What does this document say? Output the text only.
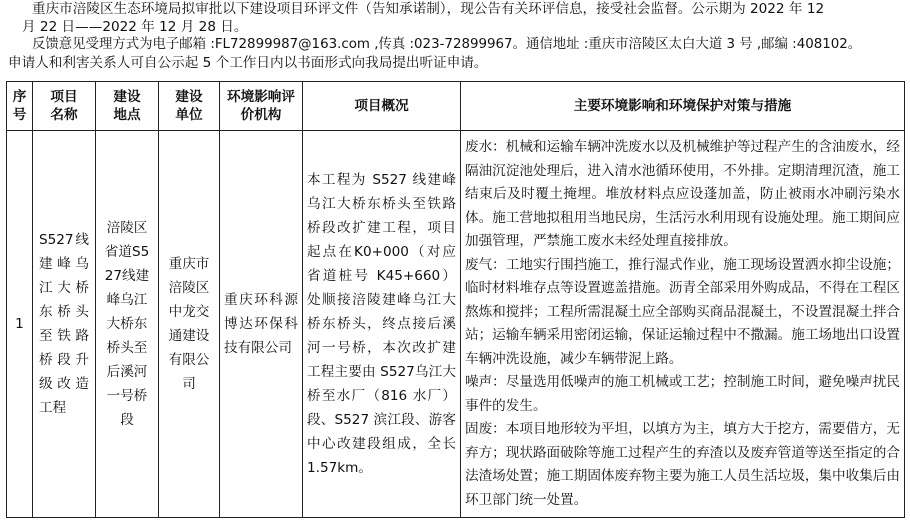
重庆市涪陵区生态环境局拟审批以下建设项目环评文件（告知承诺制），现公告有关环评信息，接受社会监督。公示期为 2022 年 12

月 22 日——2022 年 12 月 28 日。

反馈意见受理方式为电子邮箱 :FL72899987@163.com ,传真 :023-72899967。通信地址 :重庆市涪陵区太白大道 3 号 ,邮编 :408102。

申请人和利害关系人可自公示起 5 个工作日内以书面形式向我局提出听证申请。

序号	项目名称	建设地点	建设单位	环境影响评价机构	项目概况	主要环境影响和环境保护对策与措施

1	S527线建峰乌江大桥东桥头至铁路桥段升级改造工程	涪陵区省道S527线建峰乌江大桥东桥头至后溪河一号桥段	重庆市涪陵区中龙交通建设有限公司	重庆环科源博达环保科技有限公司	本工程为 S527 线建峰乌江大桥东桥头至铁路桥段改扩建工程，项目起点在K0+000（对应省道桩号 K45+660）处顺接涪陵建峰乌江大桥东桥头，终点接后溪河一号桥，本次改扩建工程主要由 S527乌江大桥至水厂（816 水厂）段、S527 滨江段、游客中心改建段组成，全长 1.57km。	废水：机械和运输车辆冲洗废水以及机械维护等过程产生的含油废水，经隔油沉淀池处理后，进入清水池循环使用，不外排。定期清理沉渣，施工结束后及时覆土掩埋。堆放材料点应设蓬加盖，防止被雨水冲刷污染水体。施工营地拟租用当地民房，生活污水利用现有设施处理。施工期间应加强管理，严禁施工废水未经处理直接排放。

废气：工地实行围挡施工，推行湿式作业，施工现场设置洒水抑尘设施；临时材料堆存点等设置遮盖措施。沥青全部采用外购成品，不得在工程区熬炼和搅拌；工程所需混凝土应全部购买商品混凝土，不设置混凝土拌合站；运输车辆采用密闭运输，保证运输过程中不撒漏。施工场地出口设置车辆冲洗设施，减少车辆带泥上路。

噪声：尽量选用低噪声的施工机械或工艺；控制施工时间，避免噪声扰民事件的发生。

固废：本项目地形较为平坦，以填方为主，填方大于挖方，需要借方，无弃方；现状路面破除等施工过程产生的弃渣以及废弃管道等送至指定的合法渣场处置；施工期固体废弃物主要为施工人员生活垃圾，集中收集后由环卫部门统一处置。
